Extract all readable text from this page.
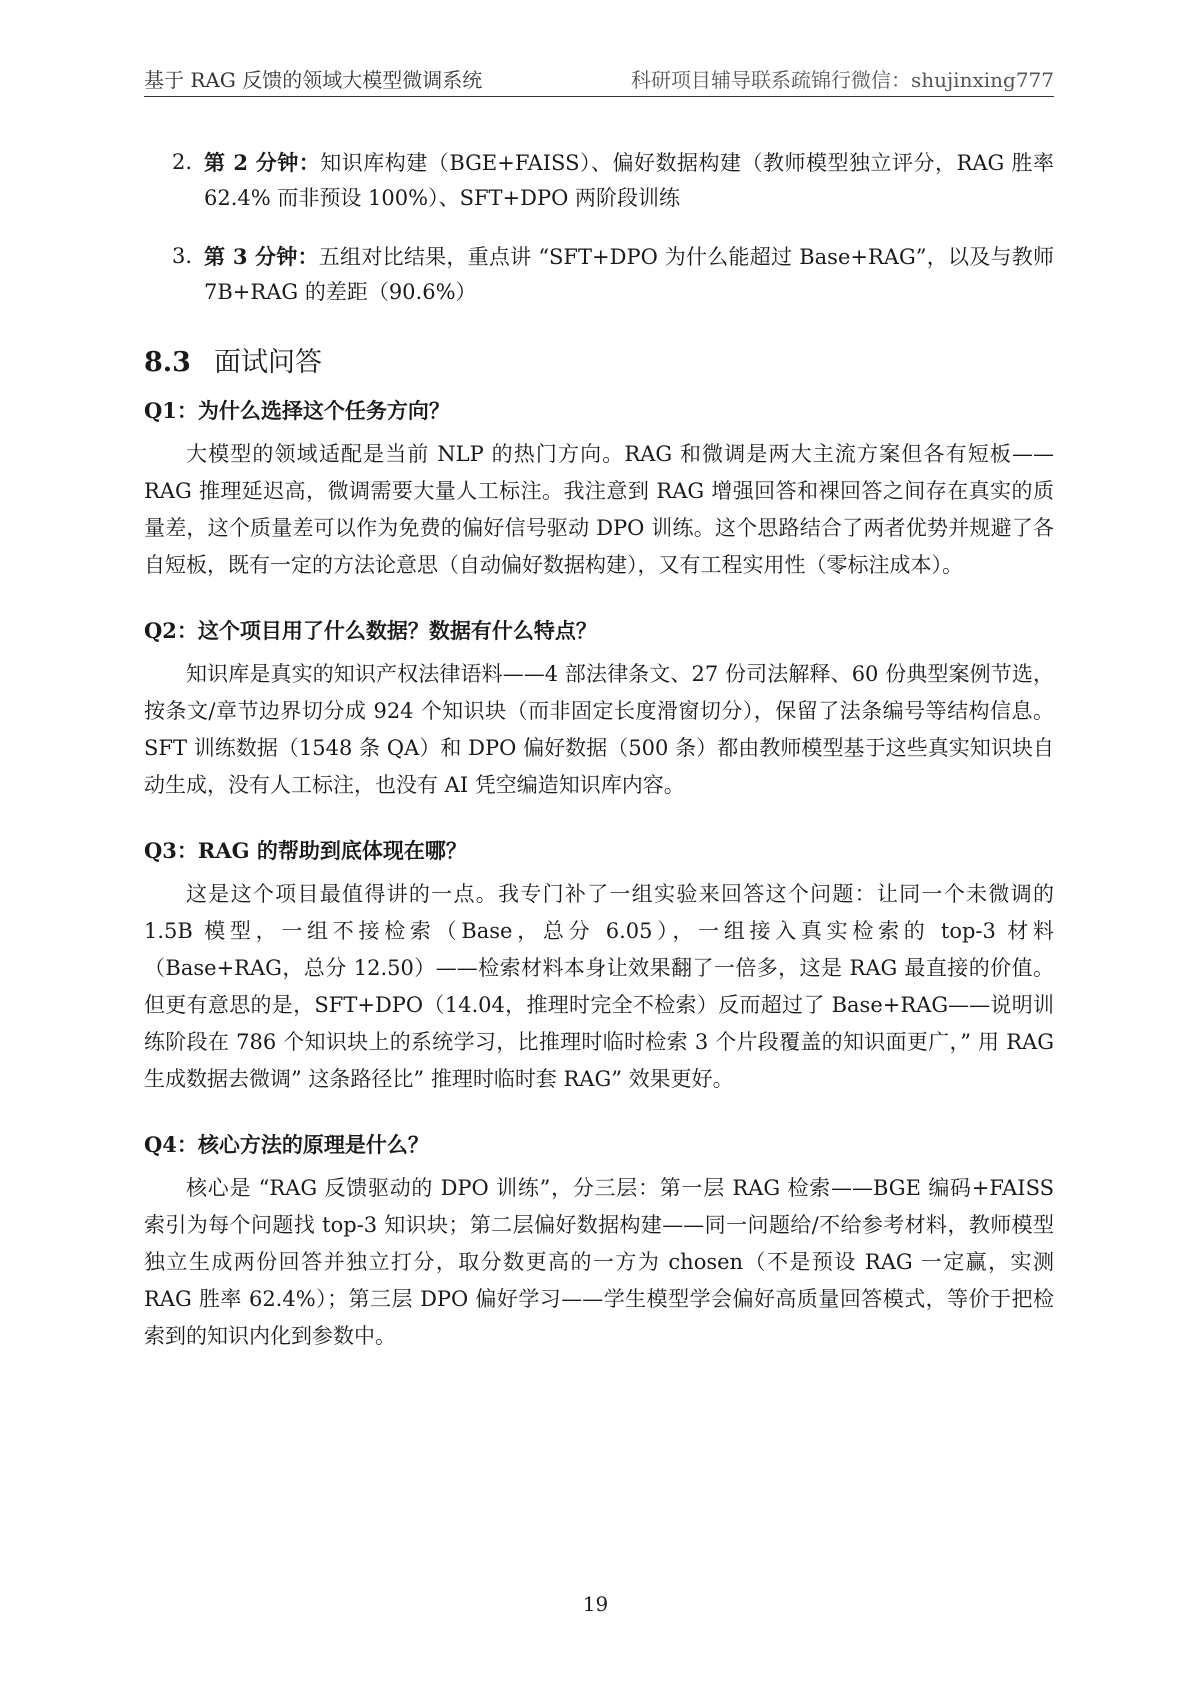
基于 RAG 反馈的领域大模型微调系统	科研项目辅导联系疏锦行微信：shujinxing777
2. 第 2 分钟：知识库构建（BGE+FAISS）、偏好数据构建（教师模型独立评分，RAG 胜率 62.4% 而非预设 100%）、SFT+DPO 两阶段训练
3. 第 3 分钟：五组对比结果，重点讲 “SFT+DPO 为什么能超过 Base+RAG”，以及与教师 7B+RAG 的差距（90.6%）
8.3 面试问答
Q1：为什么选择这个任务方向？

大模型的领域适配是当前 NLP 的热门方向。RAG 和微调是两大主流方案但各有短板——RAG 推理延迟高，微调需要大量人工标注。我注意到 RAG 增强回答和裸回答之间存在真实的质量差，这个质量差可以作为免费的偏好信号驱动 DPO 训练。这个思路结合了两者优势并规避了各自短板，既有一定的方法论意思（自动偏好数据构建），又有工程实用性（零标注成本）。

Q2：这个项目用了什么数据？数据有什么特点？

知识库是真实的知识产权法律语料——4 部法律条文、27 份司法解释、60 份典型案例节选，按条文/章节边界切分成 924 个知识块（而非固定长度滑窗切分），保留了法条编号等结构信息。SFT 训练数据（1548 条 QA）和 DPO 偏好数据（500 条）都由教师模型基于这些真实知识块自动生成，没有人工标注，也没有 AI 凭空编造知识库内容。

Q3：RAG 的帮助到底体现在哪？

这是这个项目最值得讲的一点。我专门补了一组实验来回答这个问题：让同一个未微调的 1.5B 模型，一组不接检索（Base，总分 6.05），一组接入真实检索的 top-3 材料（Base+RAG，总分 12.50）——检索材料本身让效果翻了一倍多，这是 RAG 最直接的价值。但更有意思的是，SFT+DPO（14.04，推理时完全不检索）反而超过了 Base+RAG——说明训练阶段在 786 个知识块上的系统学习，比推理时临时检索 3 个片段覆盖的知识面更广，” 用 RAG 生成数据去微调” 这条路径比” 推理时临时套 RAG” 效果更好。

Q4：核心方法的原理是什么？

核心是 “RAG 反馈驱动的 DPO 训练”，分三层：第一层 RAG 检索——BGE 编码+FAISS 索引为每个问题找 top-3 知识块；第二层偏好数据构建——同一问题给/不给参考材料，教师模型独立生成两份回答并独立打分，取分数更高的一方为 chosen（不是预设 RAG 一定赢，实测 RAG 胜率 62.4%）；第三层 DPO 偏好学习——学生模型学会偏好高质量回答模式，等价于把检索到的知识内化到参数中。

19
